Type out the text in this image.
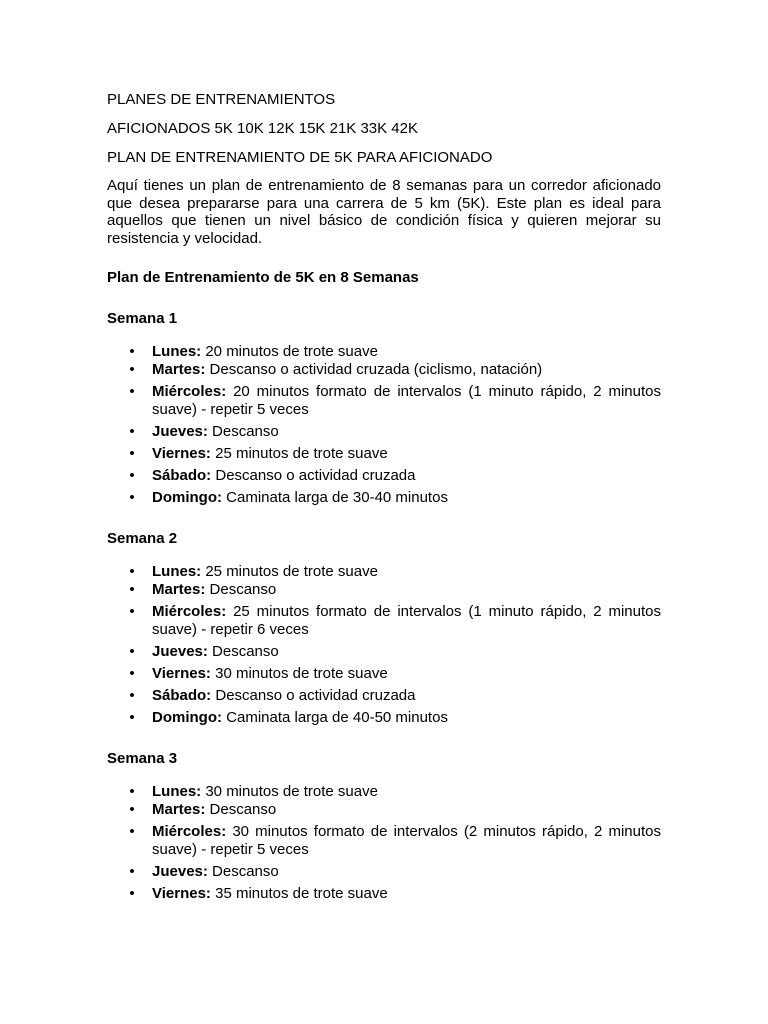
PLANES DE ENTRENAMIENTOS

AFICIONADOS 5K 10K 12K 15K 21K 33K 42K

PLAN DE ENTRENAMIENTO DE 5K PARA AFICIONADO

Aquí tienes un plan de entrenamiento de 8 semanas para un corredor aficionado que desea prepararse para una carrera de 5 km (5K). Este plan es ideal para aquellos que tienen un nivel básico de condición física y quieren mejorar su resistencia y velocidad.

Plan de Entrenamiento de 5K en 8 Semanas

Semana 1

• Lunes: 20 minutos de trote suave
• Martes: Descanso o actividad cruzada (ciclismo, natación)
• Miércoles: 20 minutos formato de intervalos (1 minuto rápido, 2 minutos suave) - repetir 5 veces
• Jueves: Descanso
• Viernes: 25 minutos de trote suave
• Sábado: Descanso o actividad cruzada
• Domingo: Caminata larga de 30-40 minutos

Semana 2

• Lunes: 25 minutos de trote suave
• Martes: Descanso
• Miércoles: 25 minutos formato de intervalos (1 minuto rápido, 2 minutos suave) - repetir 6 veces
• Jueves: Descanso
• Viernes: 30 minutos de trote suave
• Sábado: Descanso o actividad cruzada
• Domingo: Caminata larga de 40-50 minutos

Semana 3

• Lunes: 30 minutos de trote suave
• Martes: Descanso
• Miércoles: 30 minutos formato de intervalos (2 minutos rápido, 2 minutos suave) - repetir 5 veces
• Jueves: Descanso
• Viernes: 35 minutos de trote suave
